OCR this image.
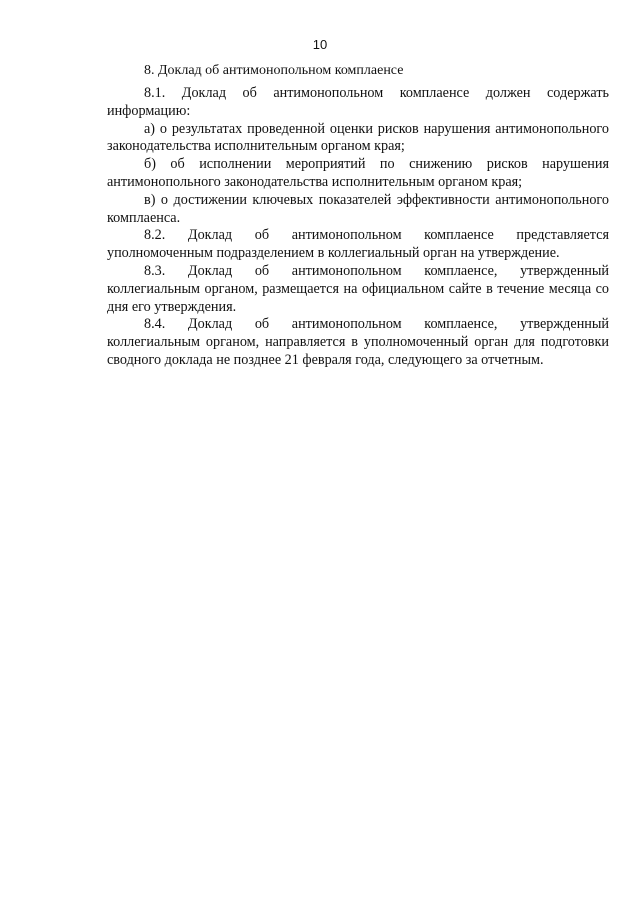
10
8. Доклад об антимонопольном комплаенсе

8.1. Доклад об антимонопольном комплаенсе должен содержать информацию:

а) о результатах проведенной оценки рисков нарушения антимонопольного законодательства исполнительным органом края;

б) об исполнении мероприятий по снижению рисков нарушения антимонопольного законодательства исполнительным органом края;

в) о достижении ключевых показателей эффективности антимонопольного комплаенса.

8.2. Доклад об антимонопольном комплаенсе представляется уполномоченным подразделением в коллегиальный орган на утверждение.

8.3. Доклад об антимонопольном комплаенсе, утвержденный коллегиальным органом, размещается на официальном сайте в течение месяца со дня его утверждения.

8.4. Доклад об антимонопольном комплаенсе, утвержденный коллегиальным органом, направляется в уполномоченный орган для подготовки сводного доклада не позднее 21 февраля года, следующего за отчетным.
